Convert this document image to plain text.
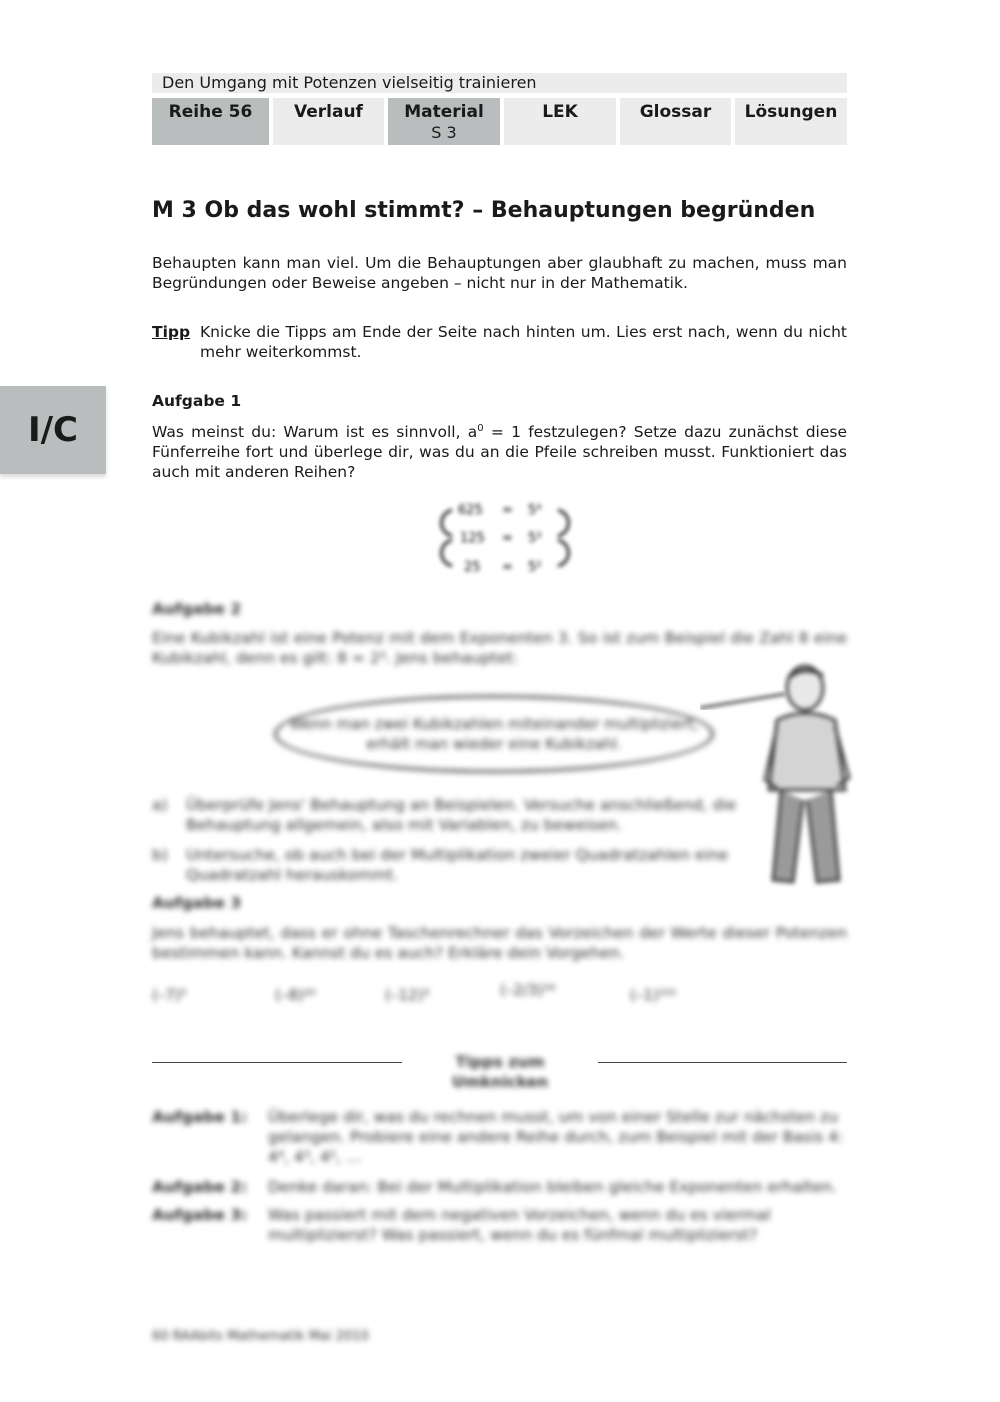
Den Umgang mit Potenzen vielseitig trainieren
Reihe 56	Verlauf	Material
S 3
LEK	Glossar	Lösungen
I/C
M 3 Ob das wohl stimmt? – Behauptungen begründen
Behaupten kann man viel. Um die Behauptungen aber glaubhaft zu machen, muss man Begründungen oder Beweise angeben – nicht nur in der Mathematik.
Tipp Knicke die Tipps am Ende der Seite nach hinten um. Lies erst nach, wenn du nicht mehr weiterkommst.
Aufgabe 1
Was meinst du: Warum ist es sinnvoll, $a^0 = 1$ festzulegen? Setze dazu zunächst diese Fünferreihe fort und überlege dir, was du an die Pfeile schreiben musst. Funktioniert das auch mit anderen Reihen?
625 = 5⁴
125 = 5³
25 = 5²
Aufgabe 2
Eine Kubikzahl ist eine Potenz mit dem Exponenten 3. So ist zum Beispiel die Zahl 8 eine Kubikzahl, denn es gilt: 8 = 2³. Jens behauptet:
Wenn man zwei Kubikzahlen miteinander multipliziert, erhält man wieder eine Kubikzahl.
a) Überprüfe Jens' Behauptung an Beispielen. Versuche anschließend, die Behauptung allgemein, also mit Variablen, zu beweisen.
b) Untersuche, ob auch bei der Multiplikation zweier Quadratzahlen eine Quadratzahl herauskommt.
Aufgabe 3
Jens behauptet, dass er ohne Taschenrechner das Vorzeichen der Werte dieser Potenzen bestimmen kann. Kannst du es auch? Erkläre dein Vorgehen.
(–7)⁵	(–8)²⁰	(–12)³	(–2/3)¹⁶	(–1)¹⁰¹
Tipps zum Umknicken
Aufgabe 1: Überlege dir, was du rechnen musst, um von einer Stelle zur nächsten zu gelangen. Probiere eine andere Reihe durch, zum Beispiel mit der Basis 4: 4⁴, 4³, 4², …
Aufgabe 2: Denke daran: Bei der Multiplikation bleiben gleiche Exponenten erhalten.
Aufgabe 3: Was passiert mit dem negativen Vorzeichen, wenn du es viermal multiplizierst? Was passiert, wenn du es fünfmal multiplizierst?
60 RAAbits Mathematik Mai 2010
